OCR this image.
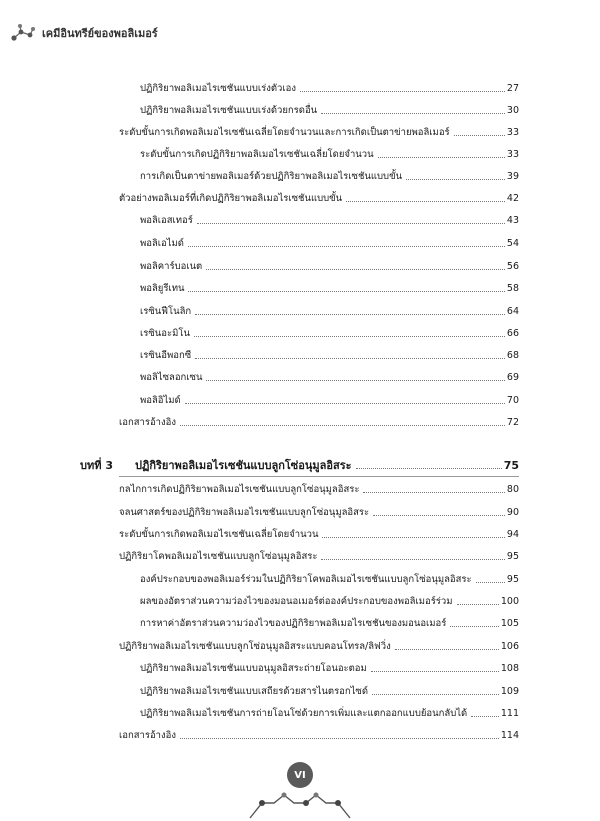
เคมีอินทรีย์ของพอลิเมอร์
ปฏิกิริยาพอลิเมอไรเซชันแบบเร่งตัวเอง	27
ปฏิกิริยาพอลิเมอไรเซชันแบบเร่งด้วยกรดอื่น	30
ระดับขั้นการเกิดพอลิเมอไรเซชันเฉลี่ยโดยจำนวนและการเกิดเป็นตาข่ายพอลิเมอร์	33
ระดับขั้นการเกิดปฏิกิริยาพอลิเมอไรเซชันเฉลี่ยโดยจำนวน	33
การเกิดเป็นตาข่ายพอลิเมอร์ด้วยปฏิกิริยาพอลิเมอไรเซชันแบบขั้น	39
ตัวอย่างพอลิเมอร์ที่เกิดปฏิกิริยาพอลิเมอไรเซชันแบบขั้น	42
พอลิเอสเทอร์	43
พอลิเอไมด์	54
พอลิคาร์บอเนต	56
พอลิยูรีเทน	58
เรซินฟีโนลิก	64
เรซินอะมิโน	66
เรซินอีพอกซี	68
พอลิไซลอกเซน	69
พอลิอิไมด์	70
เอกสารอ้างอิง	72
บทที่ 3 ปฏิกิริยาพอลิเมอไรเซชันแบบลูกโซ่อนุมูลอิสระ	75
กลไกการเกิดปฏิกิริยาพอลิเมอไรเซชันแบบลูกโซ่อนุมูลอิสระ	80
จลนศาสตร์ของปฏิกิริยาพอลิเมอไรเซชันแบบลูกโซ่อนุมูลอิสระ	90
ระดับขั้นการเกิดพอลิเมอไรเซชันเฉลี่ยโดยจำนวน	94
ปฏิกิริยาโคพอลิเมอไรเซชันแบบลูกโซ่อนุมูลอิสระ	95
องค์ประกอบของพอลิเมอร์ร่วมในปฏิกิริยาโคพอลิเมอไรเซชันแบบลูกโซ่อนุมูลอิสระ	95
ผลของอัตราส่วนความว่องไวของมอนอเมอร์ต่อองค์ประกอบของพอลิเมอร์ร่วม	100
การหาค่าอัตราส่วนความว่องไวของปฏิกิริยาพอลิเมอไรเซชันของมอนอเมอร์	105
ปฏิกิริยาพอลิเมอไรเซชันแบบลูกโซ่อนุมูลอิสระแบบคอนโทรล/ลิฟวิ่ง	106
ปฏิกิริยาพอลิเมอไรเซชันแบบอนุมูลอิสระถ่ายโอนอะตอม	108
ปฏิกิริยาพอลิเมอไรเซชันแบบเสถียรด้วยสารไนตรอกไซด์	109
ปฏิกิริยาพอลิเมอไรเซชันการถ่ายโอนโซ่ด้วยการเพิ่มและแตกออกแบบย้อนกลับได้	111
เอกสารอ้างอิง	114
VI
